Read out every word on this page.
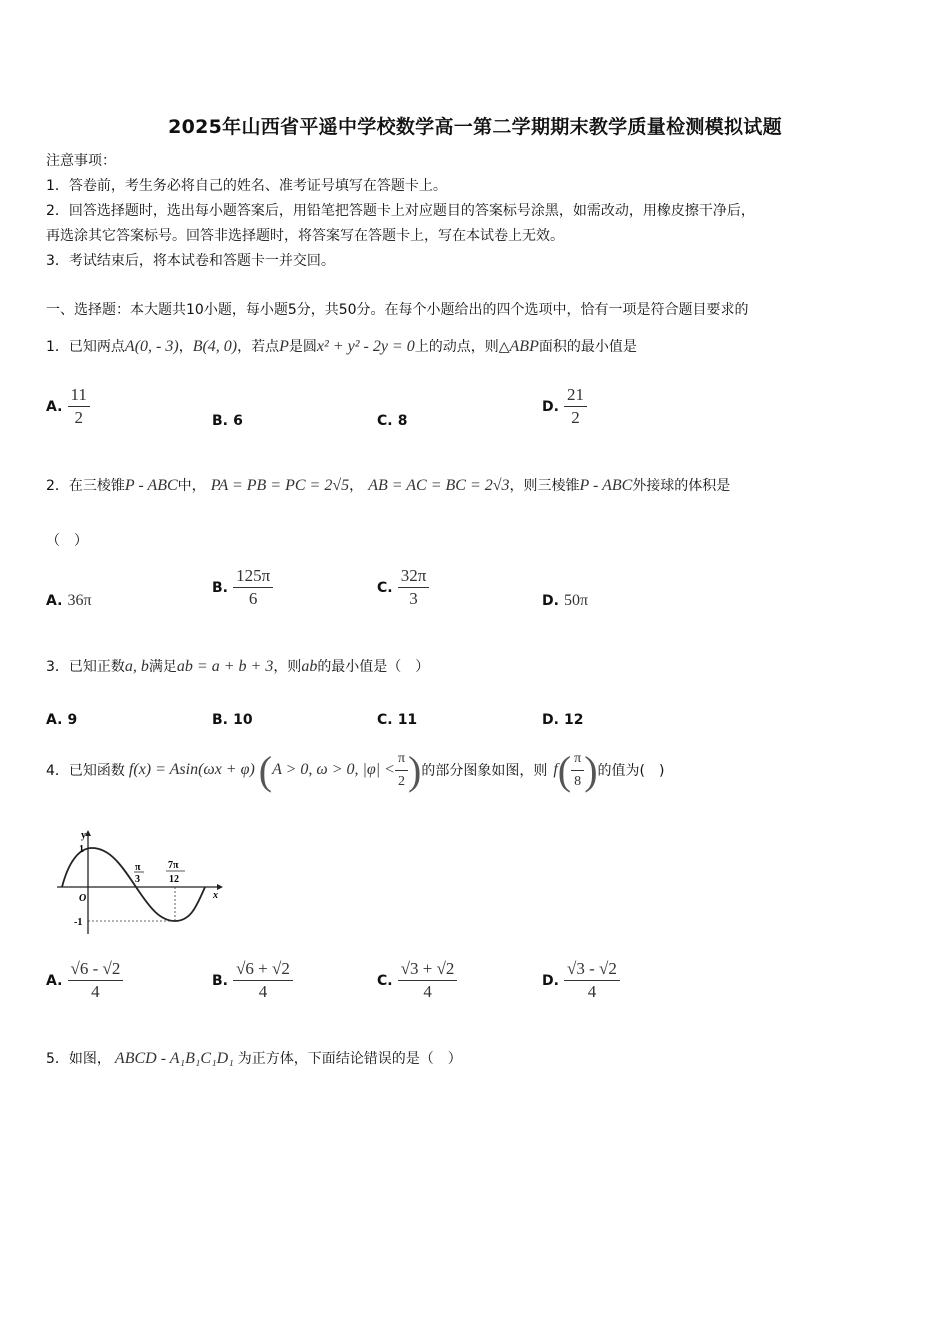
2025年山西省平遥中学校数学高一第二学期期末教学质量检测模拟试题
注意事项：
1．答卷前，考生务必将自己的姓名、准考证号填写在答题卡上。
2．回答选择题时，选出每小题答案后，用铅笔把答题卡上对应题目的答案标号涂黑，如需改动，用橡皮擦干净后，
再选涂其它答案标号。回答非选择题时，将答案写在答题卡上，写在本试卷上无效。
3．考试结束后，将本试卷和答题卡一并交回。
一、选择题：本大题共10小题，每小题5分，共50分。在每个小题给出的四个选项中，恰有一项是符合题目要求的
1．已知两点A(0, - 3)，B(4, 0)，若点P是圆x² + y² - 2y = 0上的动点，则△ABP面积的最小值是
A. $\frac{11}{2}$	B. 6	C. 8
D. $\frac{21}{2}$
2．在三棱锥P - ABC中， PA = PB = PC = 2√5， AB = AC = BC = 2√3，则三棱锥P - ABC外接球的体积是
（　）
A. 36π
B. $\frac{125\pi}{6}$	C. $\frac{32\pi}{3}$	D. 50π
3．已知正数a, b满足ab = a + b + 3，则ab的最小值是（　）
A. 9	B. 10	C. 11	D. 12
4． 已知函数 f(x) = Asin(ωx + φ) ( A > 0, ω > 0, $|\varphi| < \frac{\pi}{2}$ ) 的部分图象如图，则 f ( $\frac{\pi}{8}$ ) 的值为(　)
y
x
O
1
-1
π
3
7π
12
A. $\frac{√6 - √2}{4}$	B. $\frac{√6 + √2}{4}$	C. $\frac{√3 + √2}{4}$	D. $\frac{√3 - √2}{4}$
5．如图， ABCD - A₁B₁C₁D₁ 为正方体，下面结论错误的是（　）
